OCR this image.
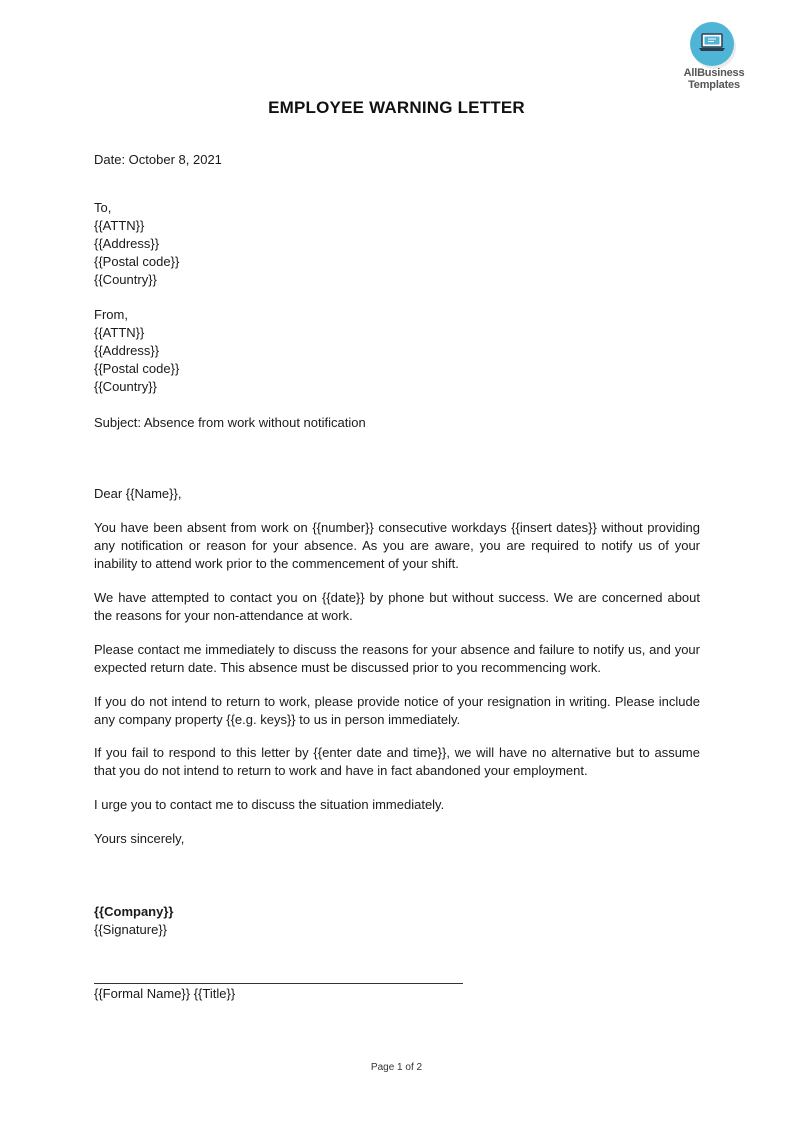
AllBusiness
Templates
EMPLOYEE WARNING LETTER
Date: October 8, 2021
To,
{{ATTN}}
{{Address}}
{{Postal code}}
{{Country}}
From,
{{ATTN}}
{{Address}}
{{Postal code}}
{{Country}}
Subject: Absence from work without notification
Dear {{Name}},
You have been absent from work on {{number}} consecutive workdays {{insert dates}} without providing any notification or reason for your absence. As you are aware, you are required to notify us of your inability to attend work prior to the commencement of your shift.
We have attempted to contact you on {{date}} by phone but without success. We are concerned about the reasons for your non-attendance at work.
Please contact me immediately to discuss the reasons for your absence and failure to notify us, and your expected return date. This absence must be discussed prior to you recommencing work.
If you do not intend to return to work, please provide notice of your resignation in writing. Please include any company property {{e.g. keys}} to us in person immediately.
If you fail to respond to this letter by {{enter date and time}}, we will have no alternative but to assume that you do not intend to return to work and have in fact abandoned your employment.
I urge you to contact me to discuss the situation immediately.
Yours sincerely,
{{Company}}
{{Signature}}
{{Formal Name}} {{Title}}
Page 1 of 2
